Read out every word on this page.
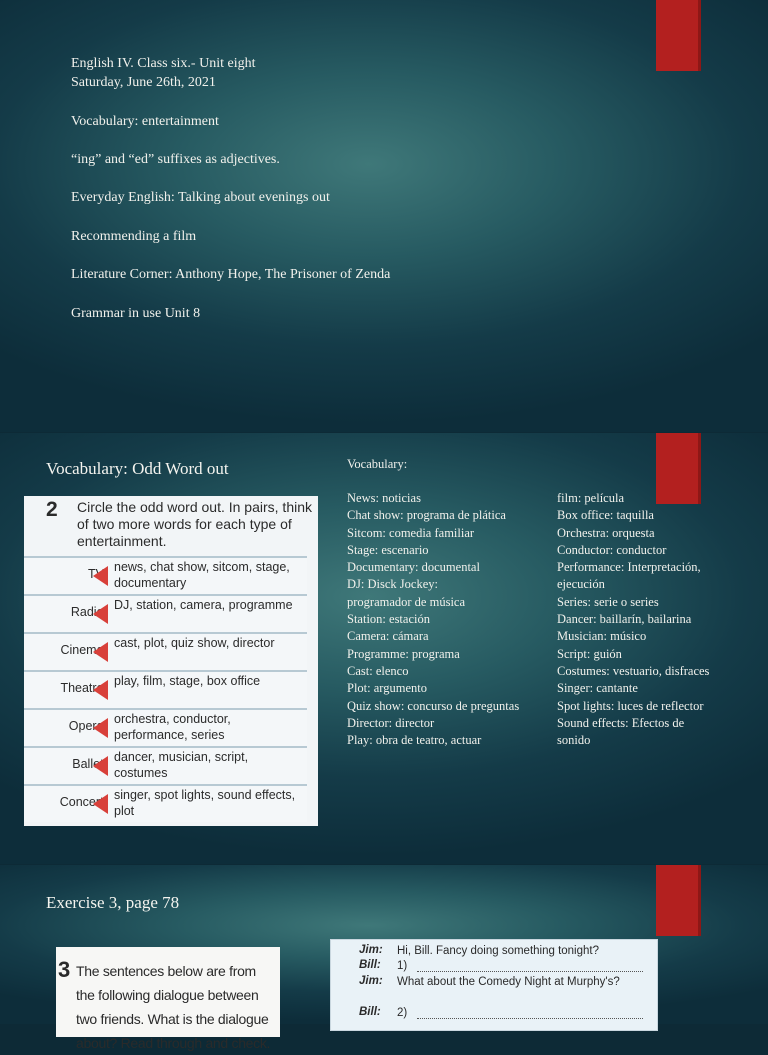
English IV. Class six.- Unit eight
Saturday, June 26th, 2021
Vocabulary: entertainment
“ing” and “ed” suffixes as adjectives.
Everyday English: Talking about evenings out
Recommending a film
Literature Corner: Anthony Hope, The Prisoner of Zenda
Grammar in use Unit 8
Vocabulary: Odd Word out
2 Circle the odd word out. In pairs, think of two more words for each type of entertainment.
TV: news, chat show, sitcom, stage, documentary
Radio: DJ, station, camera, programme
Cinema: cast, plot, quiz show, director
Theatre: play, film, stage, box office
Opera: orchestra, conductor, performance, series
Ballet: dancer, musician, script, costumes
Concert: singer, spot lights, sound effects, plot
Vocabulary:
News: noticias
Chat show: programa de plática
Sitcom: comedia familiar
Stage: escenario
Documentary: documental
DJ: Disck Jockey:
programador de música
Station: estación
Camera: cámara
Programme: programa
Cast: elenco
Plot: argumento
Quiz show: concurso de preguntas
Director: director
Play: obra de teatro, actuar
film: película
Box office: taquilla
Orchestra: orquesta
Conductor: conductor
Performance: Interpretación,
ejecución
Series: serie o series
Dancer: baillarín, bailarina
Musician: músico
Script: guión
Costumes: vestuario, disfraces
Singer: cantante
Spot lights: luces de reflector
Sound effects: Efectos de
sonido
Exercise 3, page 78
3 The sentences below are from the following dialogue between two friends. What is the dialogue about? Read through and check.
Jim: Hi, Bill. Fancy doing something tonight?
Bill: 1)
Jim: What about the Comedy Night at Murphy's?
Bill: 2)
